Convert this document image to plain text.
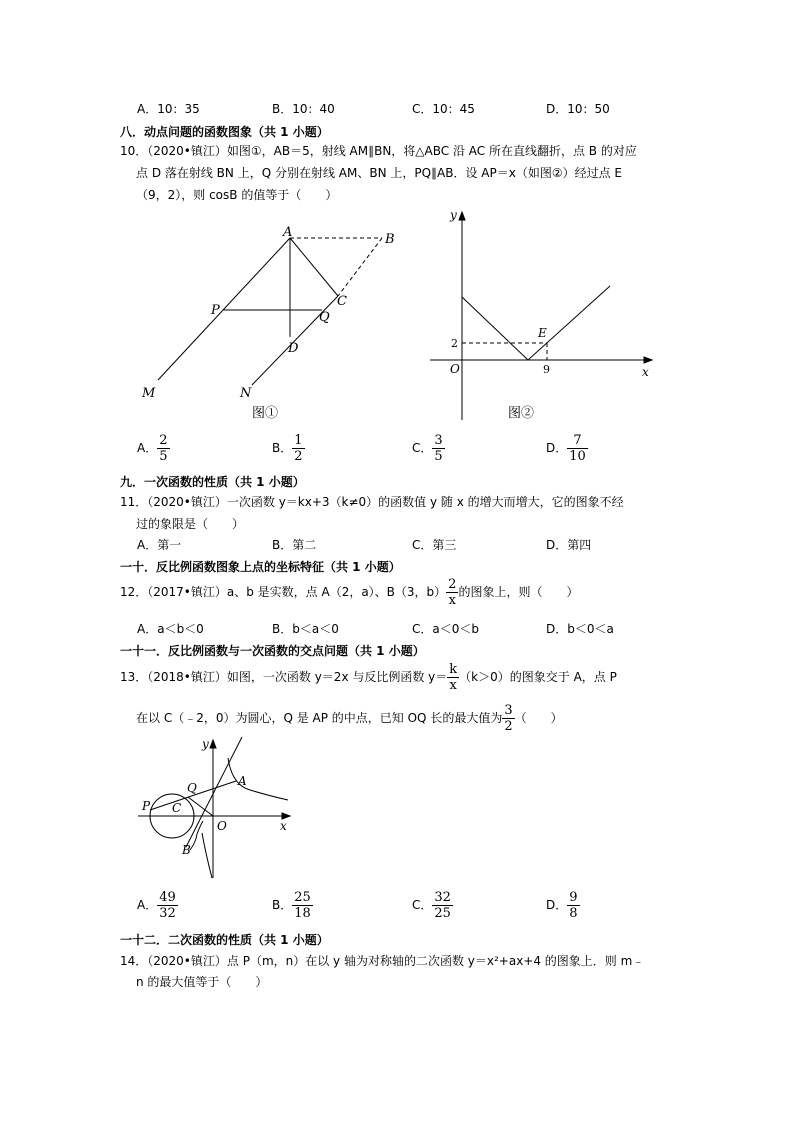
A．10：35	B．10：40	C．10：45	D．10：50
八．动点问题的函数图象（共 1 小题）
10．（2020•镇江）如图①，AB＝5，射线 AM∥BN，将△ABC 沿 AC 所在直线翻折，点 B 的对应
点 D 落在射线 BN 上，Q 分别在射线 AM、BN 上，PQ∥AB．设 AP＝x（如图②）经过点 E
（9，2），则 cosB 的值等于（　　）
A	B
C
D
P	Q
M	N
图①
y
x
O
E
2
9
图②
A． $\frac{2}{5}$	B． $\frac{1}{2}$	C． $\frac{3}{5}$	D． $\frac{7}{10}$
九．一次函数的性质（共 1 小题）
11．（2020•镇江）一次函数 y＝kx+3（k≠0）的函数值 y 随 x 的增大而增大，它的图象不经
过的象限是（　　）
A．第一	B．第二	C．第三	D．第四
一十．反比例函数图象上点的坐标特征（共 1 小题）
12．（2017•镇江）a、b 是实数，点 A（2，a）、B（3，$b) \frac{2}{x}$ 的图象上，则（　　）
A．a＜b＜0	B．b＜a＜0	C．a＜0＜b	D．b＜0＜a
一十一．反比例函数与一次函数的交点问题（共 1 小题）
13．（2018•镇江）如图，一次函数 y＝2x 与反比例函数 $y= \frac{k}{x} (k>0)$的图象交于 A，点 P
在以 C（﹣2，0）为圆心，Q 是 AP 的中点，已知 OQ 长的最大值为 $\frac{3}{2}$ （　　）
y
x
O
A
B
C
P
Q
A． $\frac{49}{32}$	B． $\frac{25}{18}$	C． $\frac{32}{25}$	D． $\frac{9}{8}$
一十二．二次函数的性质（共 1 小题）
14．（2020•镇江）点 P（m，n）在以 y 轴为对称轴的二次函数 y＝x²+ax+4 的图象上．则 m﹣
n 的最大值等于（　　）
